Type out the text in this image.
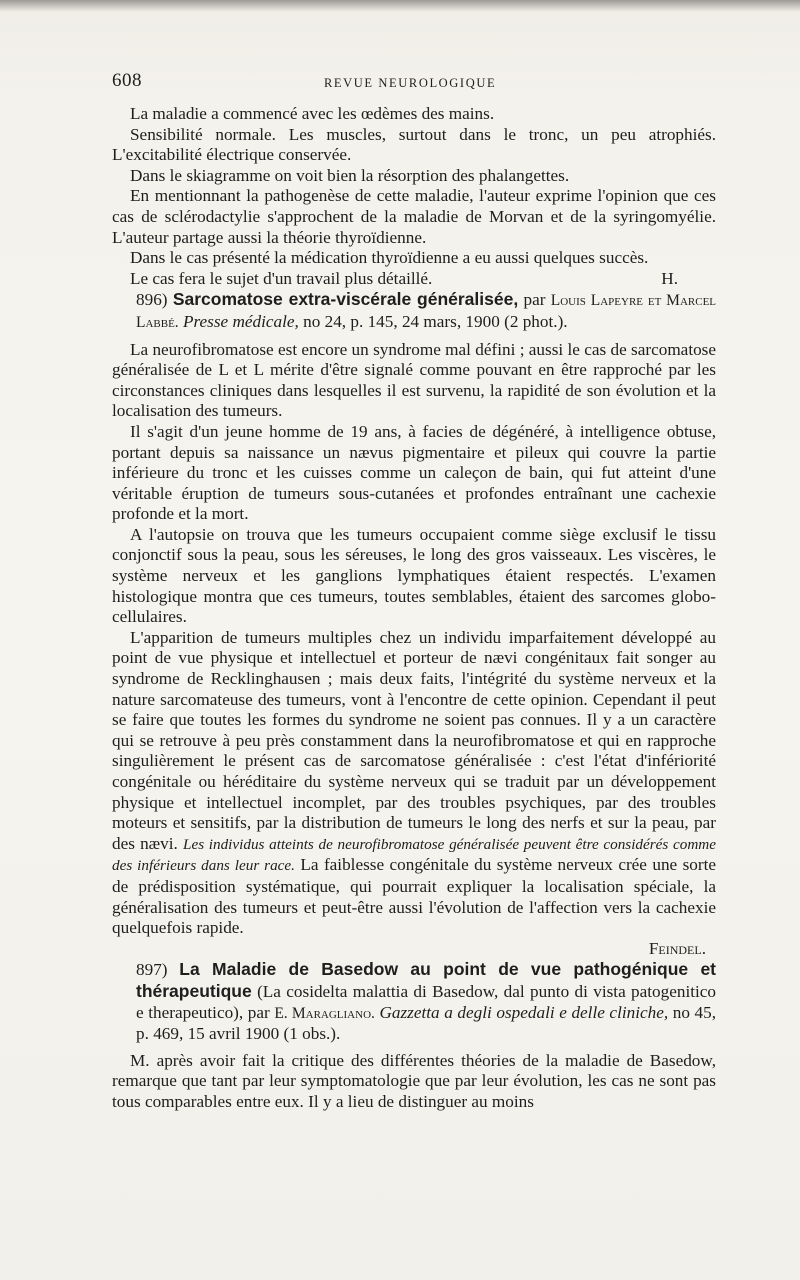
608	REVUE NEUROLOGIQUE

La maladie a commencé avec les œdèmes des mains.

Sensibilité normale. Les muscles, surtout dans le tronc, un peu atrophiés. L'excitabilité électrique conservée.

Dans le skiagramme on voit bien la résorption des phalangettes.

En mentionnant la pathogenèse de cette maladie, l'auteur exprime l'opinion que ces cas de sclérodactylie s'approchent de la maladie de Morvan et de la syringomyélie. L'auteur partage aussi la théorie thyroïdienne.

Dans le cas présenté la médication thyroïdienne a eu aussi quelques succès.

Le cas fera le sujet d'un travail plus détaillé.	H.

896) Sarcomatose extra-viscérale généralisée, par Louis Lapeyre et Marcel Labbé. Presse médicale, no 24, p. 145, 24 mars, 1900 (2 phot.).

La neurofibromatose est encore un syndrome mal défini ; aussi le cas de sarcomatose généralisée de L et L mérite d'être signalé comme pouvant en être rapproché par les circonstances cliniques dans lesquelles il est survenu, la rapidité de son évolution et la localisation des tumeurs.

Il s'agit d'un jeune homme de 19 ans, à facies de dégénéré, à intelligence obtuse, portant depuis sa naissance un nævus pigmentaire et pileux qui couvre la partie inférieure du tronc et les cuisses comme un caleçon de bain, qui fut atteint d'une véritable éruption de tumeurs sous-cutanées et profondes entraînant une cachexie profonde et la mort.

A l'autopsie on trouva que les tumeurs occupaient comme siège exclusif le tissu conjonctif sous la peau, sous les séreuses, le long des gros vaisseaux. Les viscères, le système nerveux et les ganglions lymphatiques étaient respectés. L'examen histologique montra que ces tumeurs, toutes semblables, étaient des sarcomes globo-cellulaires.

L'apparition de tumeurs multiples chez un individu imparfaitement développé au point de vue physique et intellectuel et porteur de nævi congénitaux fait songer au syndrome de Recklinghausen ; mais deux faits, l'intégrité du système nerveux et la nature sarcomateuse des tumeurs, vont à l'encontre de cette opinion. Cependant il peut se faire que toutes les formes du syndrome ne soient pas connues. Il y a un caractère qui se retrouve à peu près constamment dans la neurofibromatose et qui en rapproche singulièrement le présent cas de sarcomatose généralisée : c'est l'état d'infériorité congénitale ou héréditaire du système nerveux qui se traduit par un développement physique et intellectuel incomplet, par des troubles psychiques, par des troubles moteurs et sensitifs, par la distribution de tumeurs le long des nerfs et sur la peau, par des nævi. Les individus atteints de neurofibromatose généralisée peuvent être considérés comme des inférieurs dans leur race. La faiblesse congénitale du système nerveux crée une sorte de prédisposition systématique, qui pourrait expliquer la localisation spéciale, la généralisation des tumeurs et peut-être aussi l'évolution de l'affection vers la cachexie quelquefois rapide.

Feindel.

897) La Maladie de Basedow au point de vue pathogénique et thérapeutique (La cosidelta malattia di Basedow, dal punto di vista patogenitico e therapeutico), par E. Maragliano. Gazzetta a degli ospedali e delle cliniche, no 45, p. 469, 15 avril 1900 (1 obs.).

M. après avoir fait la critique des différentes théories de la maladie de Basedow, remarque que tant par leur symptomatologie que par leur évolution, les cas ne sont pas tous comparables entre eux. Il y a lieu de distinguer au moins
